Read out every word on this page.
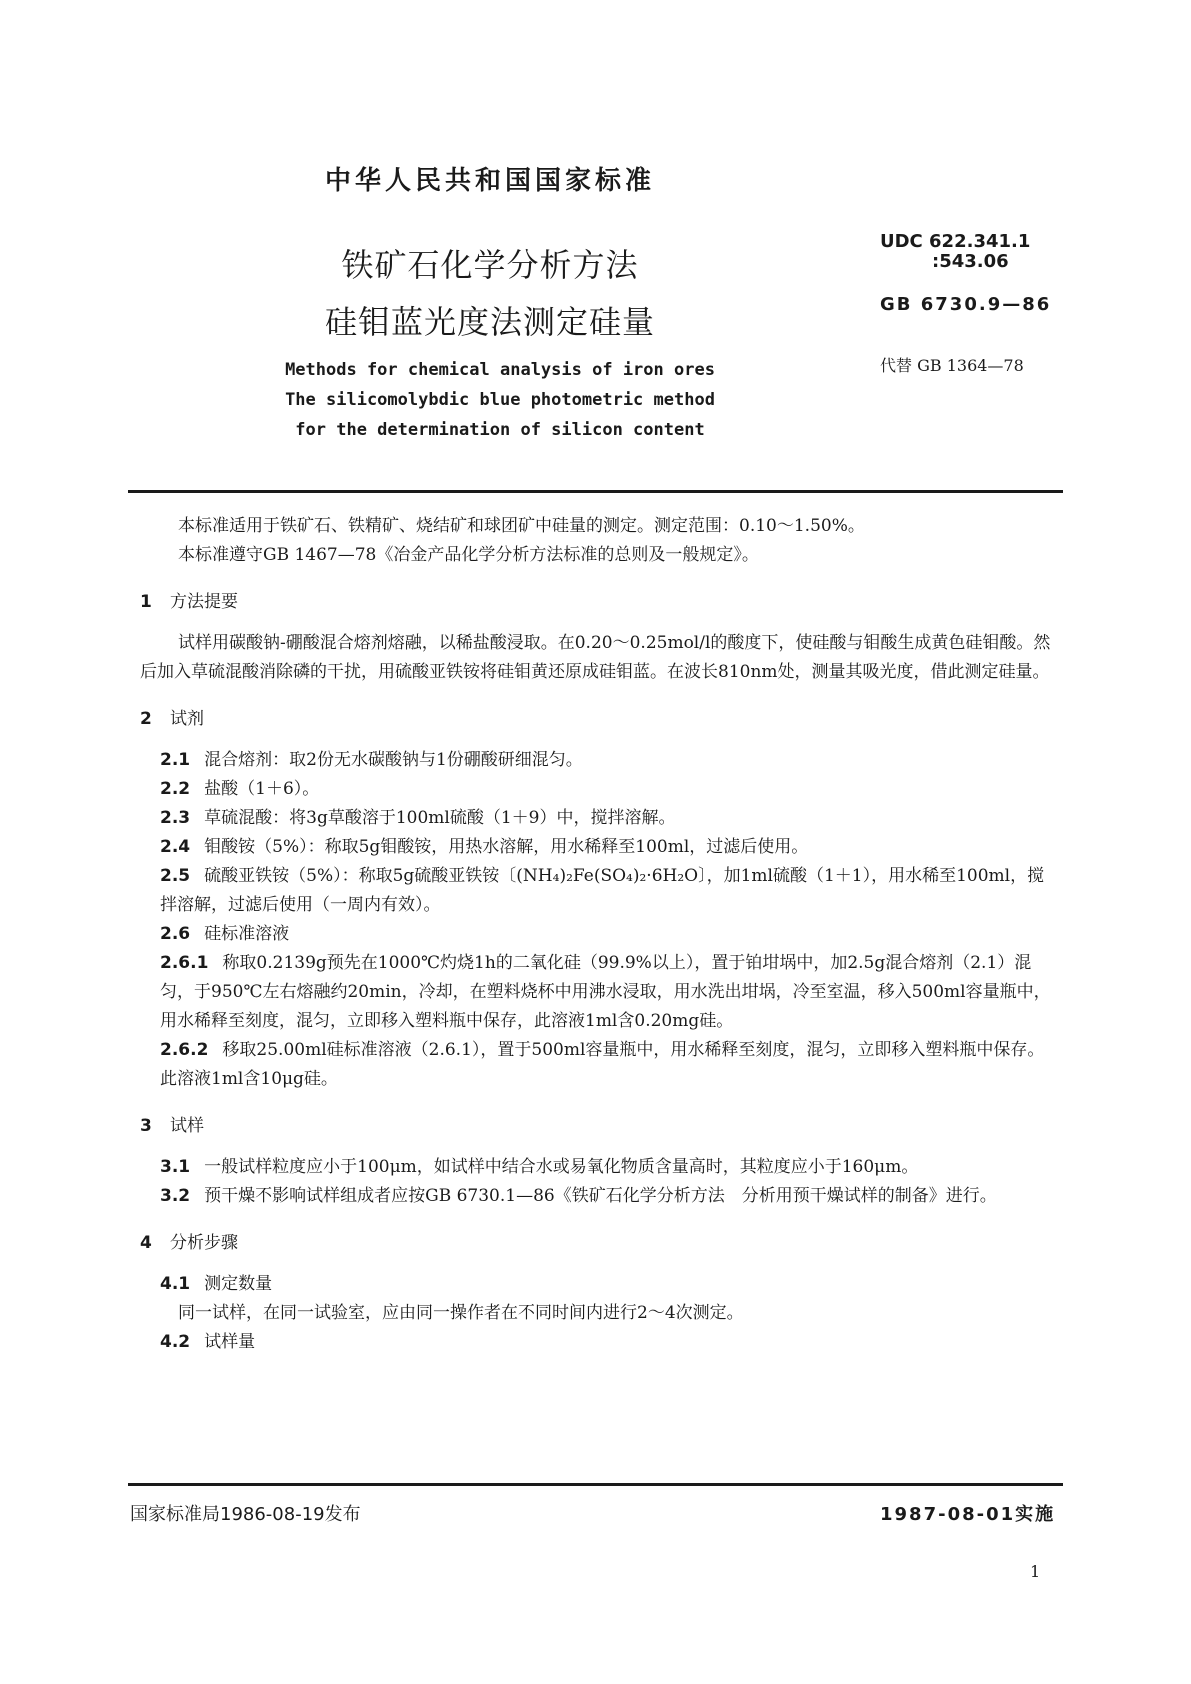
中华人民共和国国家标准
铁矿石化学分析方法
硅钼蓝光度法测定硅量
UDC 622.341.1
:543.06
GB 6730.9—86
代替 GB 1364—78
Methods for chemical analysis of iron ores
The silicomolybdic blue photometric method
for the determination of silicon content

本标准适用于铁矿石、铁精矿、烧结矿和球团矿中硅量的测定。测定范围：0.10～1.50%。

本标准遵守GB 1467—78《冶金产品化学分析方法标准的总则及一般规定》。

1 方法提要

试样用碳酸钠-硼酸混合熔剂熔融，以稀盐酸浸取。在0.20～0.25mol/l的酸度下，使硅酸与钼酸生成黄色硅钼酸。然后加入草硫混酸消除磷的干扰，用硫酸亚铁铵将硅钼黄还原成硅钼蓝。在波长810nm处，测量其吸光度，借此测定硅量。

2 试剂

2.1 混合熔剂：取2份无水碳酸钠与1份硼酸研细混匀。

2.2 盐酸（1＋6）。

2.3 草硫混酸：将3g草酸溶于100ml硫酸（1＋9）中，搅拌溶解。

2.4 钼酸铵（5%）：称取5g钼酸铵，用热水溶解，用水稀释至100ml，过滤后使用。

2.5 硫酸亚铁铵（5%）：称取5g硫酸亚铁铵〔(NH₄)₂Fe(SO₄)₂·6H₂O〕，加1ml硫酸（1＋1），用水稀至100ml，搅拌溶解，过滤后使用（一周内有效）。

2.6 硅标准溶液

2.6.1 称取0.2139g预先在1000℃灼烧1h的二氧化硅（99.9%以上），置于铂坩埚中，加2.5g混合熔剂（2.1）混匀，于950℃左右熔融约20min，冷却，在塑料烧杯中用沸水浸取，用水洗出坩埚，冷至室温，移入500ml容量瓶中，用水稀释至刻度，混匀，立即移入塑料瓶中保存，此溶液1ml含0.20mg硅。

2.6.2 移取25.00ml硅标准溶液（2.6.1），置于500ml容量瓶中，用水稀释至刻度，混匀，立即移入塑料瓶中保存。此溶液1ml含10μg硅。

3 试样

3.1 一般试样粒度应小于100μm，如试样中结合水或易氧化物质含量高时，其粒度应小于160μm。

3.2 预干燥不影响试样组成者应按GB 6730.1—86《铁矿石化学分析方法　分析用预干燥试样的制备》进行。

4 分析步骤

4.1 测定数量

同一试样，在同一试验室，应由同一操作者在不同时间内进行2～4次测定。

4.2 试样量

国家标准局1986-08-19发布	1987-08-01实施
1
